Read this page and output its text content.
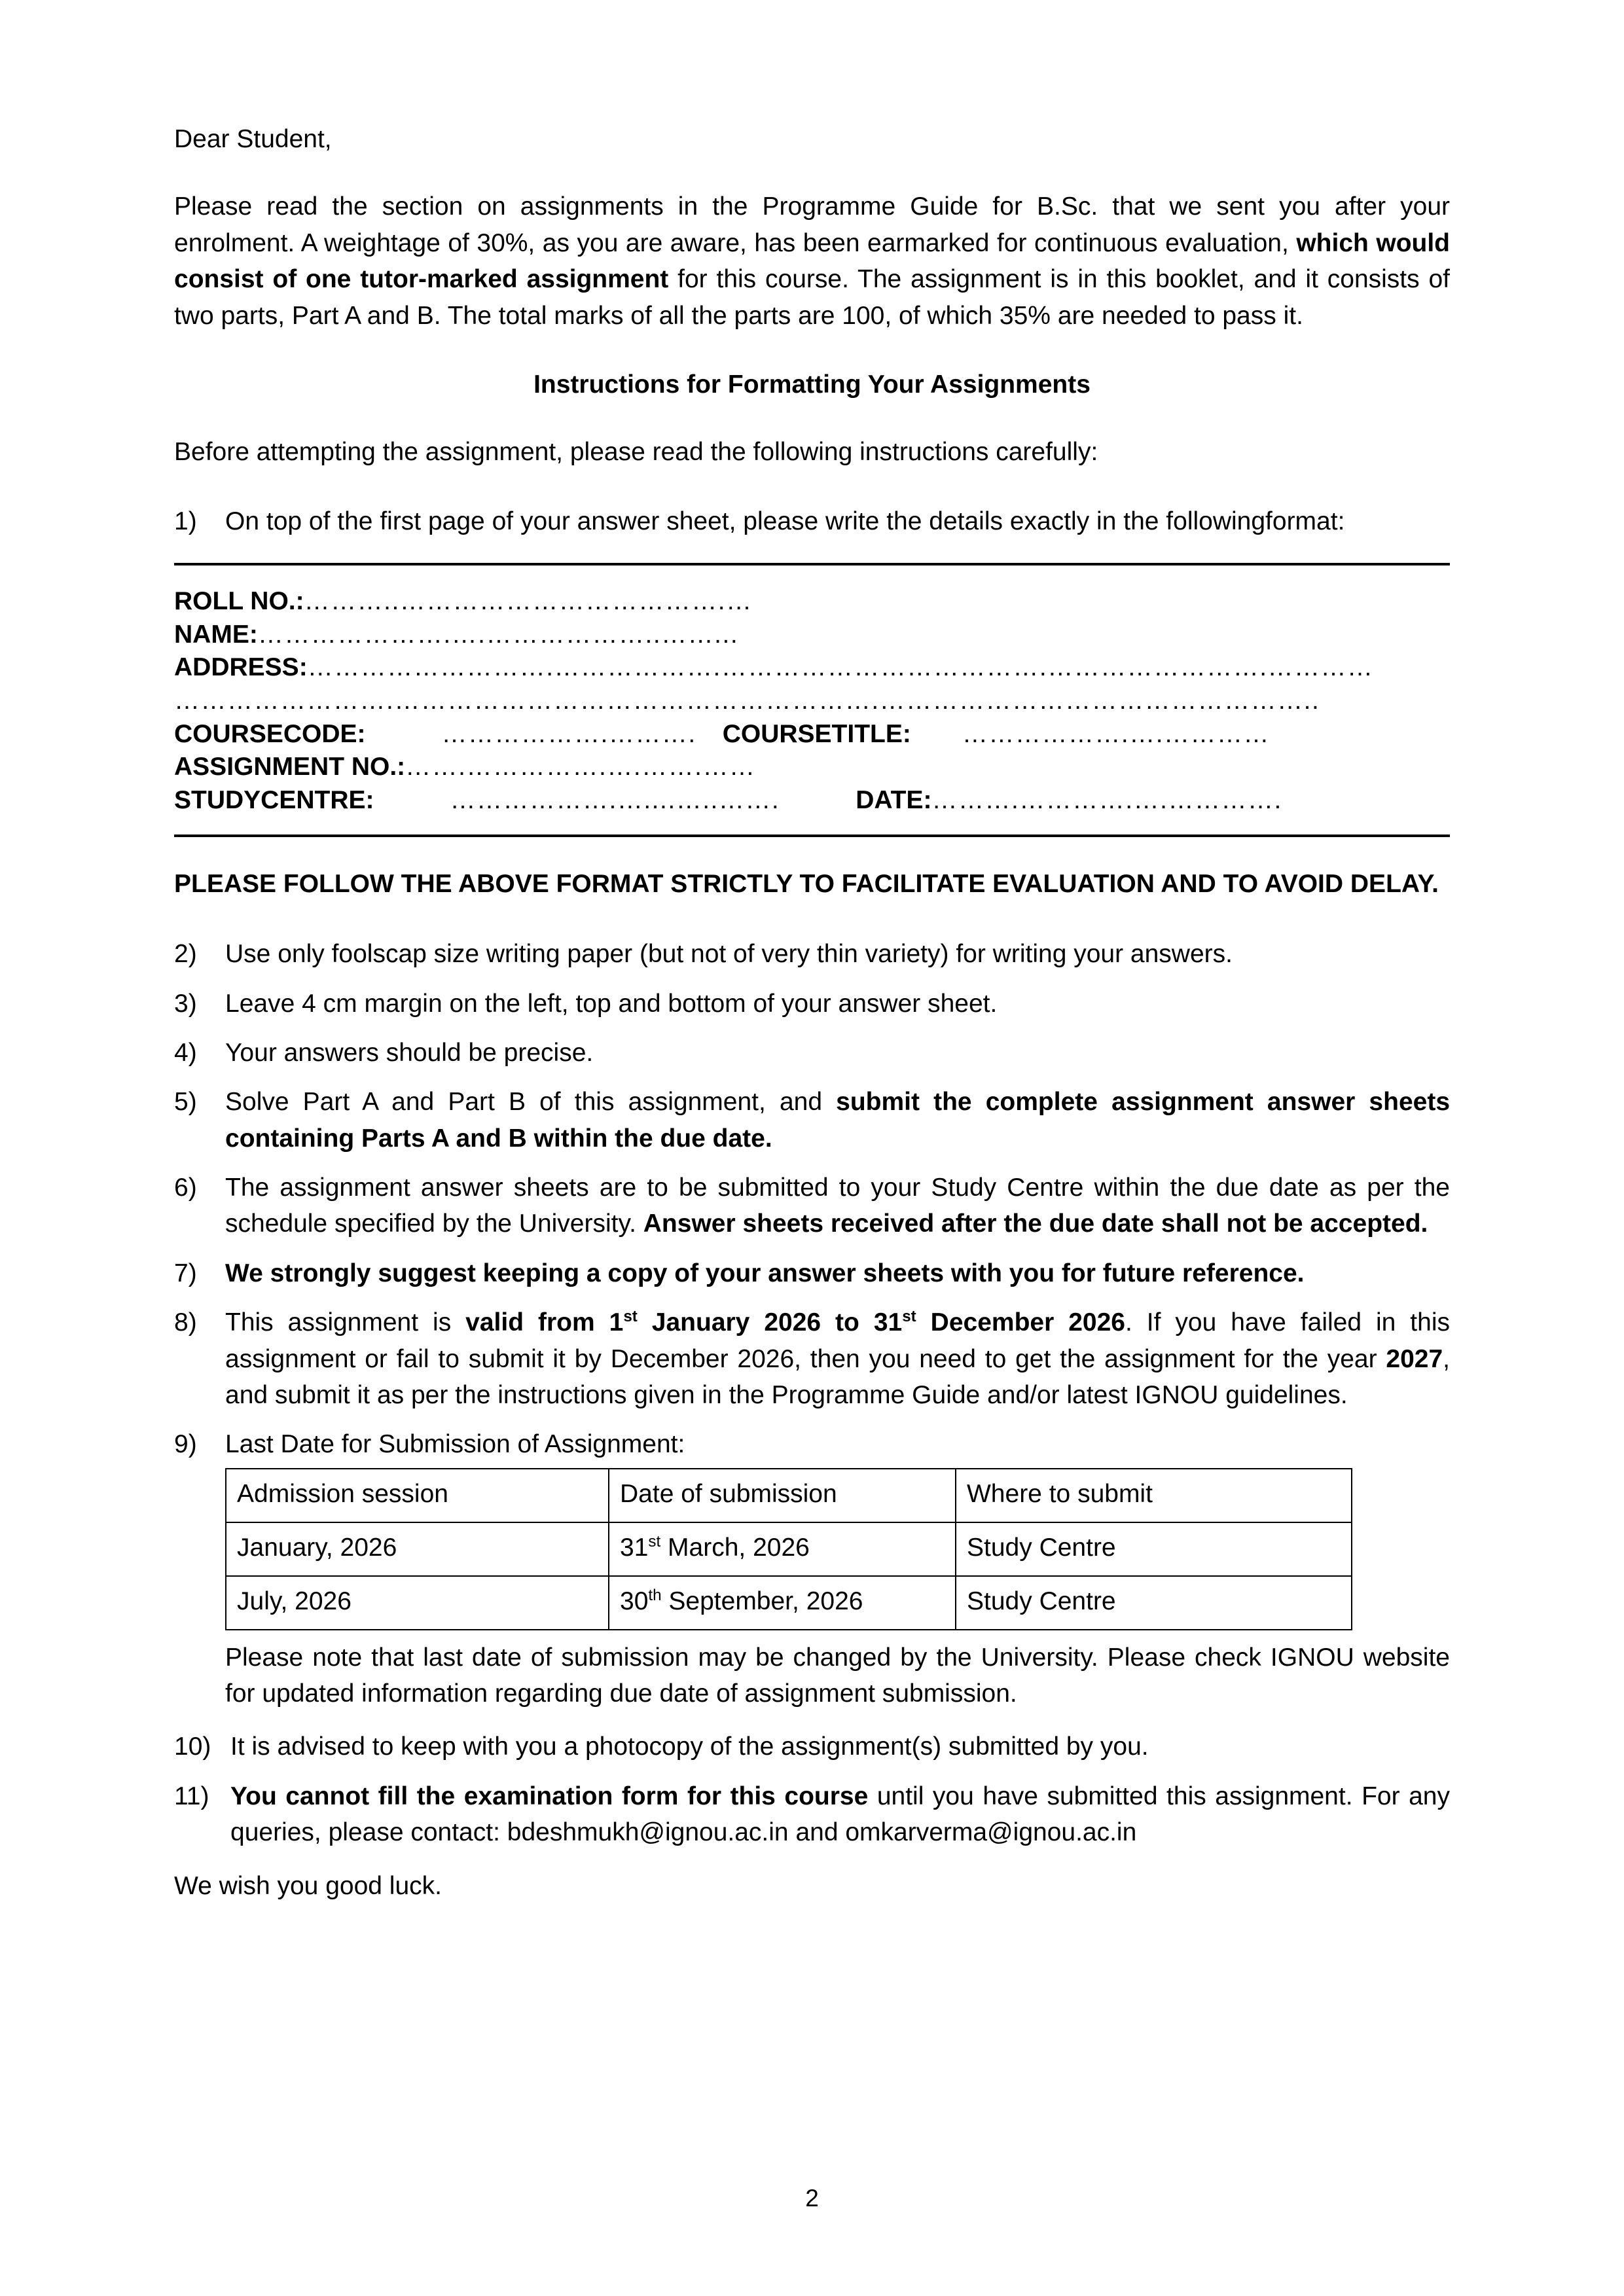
Dear Student,

Please read the section on assignments in the Programme Guide for B.Sc. that we sent you after your enrolment. A weightage of 30%, as you are aware, has been earmarked for continuous evaluation, which would consist of one tutor-marked assignment for this course. The assignment is in this booklet, and it consists of two parts, Part A and B. The total marks of all the parts are 100, of which 35% are needed to pass it.

Instructions for Formatting Your Assignments

Before attempting the assignment, please read the following instructions carefully:

1)	On top of the first page of your answer sheet, please write the details exactly in the followingformat:
ROLL NO.:………..……………………………….…
NAME:………………….….………………..……...
ADDRESS:……………………….……………….……………………………….…………………….…………
…………………….……………………………………………….…………………………………………..
COURSECODE:	……………….………. COURSETITLE: ……………….….…………
ASSIGNMENT NO.:…….…………….….…….……
STUDYCENTRE:	……………….…....…..…….	DATE:……….………….….………….

PLEASE FOLLOW THE ABOVE FORMAT STRICTLY TO FACILITATE EVALUATION AND TO AVOID DELAY.

2)	Use only foolscap size writing paper (but not of very thin variety) for writing your answers.
3)	Leave 4 cm margin on the left, top and bottom of your answer sheet.
4)	Your answers should be precise.
5)	Solve Part A and Part B of this assignment, and submit the complete assignment answer sheets containing Parts A and B within the due date.
6)	The assignment answer sheets are to be submitted to your Study Centre within the due date as per the schedule specified by the University. Answer sheets received after the due date shall not be accepted.
7)	We strongly suggest keeping a copy of your answer sheets with you for future reference.
8)	This assignment is valid from 1st January 2026 to 31st December 2026. If you have failed in this assignment or fail to submit it by December 2026, then you need to get the assignment for the year 2027, and submit it as per the instructions given in the Programme Guide and/or latest IGNOU guidelines.
9)	Last Date for Submission of Assignment:
Admission session	Date of submission	Where to submit
January, 2026	31st March, 2026	Study Centre
July, 2026	30th September, 2026	Study Centre

Please note that last date of submission may be changed by the University. Please check IGNOU website for updated information regarding due date of assignment submission.

10) It is advised to keep with you a photocopy of the assignment(s) submitted by you.
11) You cannot fill the examination form for this course until you have submitted this assignment. For any queries, please contact: bdeshmukh@ignou.ac.in and omkarverma@ignou.ac.in

We wish you good luck.

2
